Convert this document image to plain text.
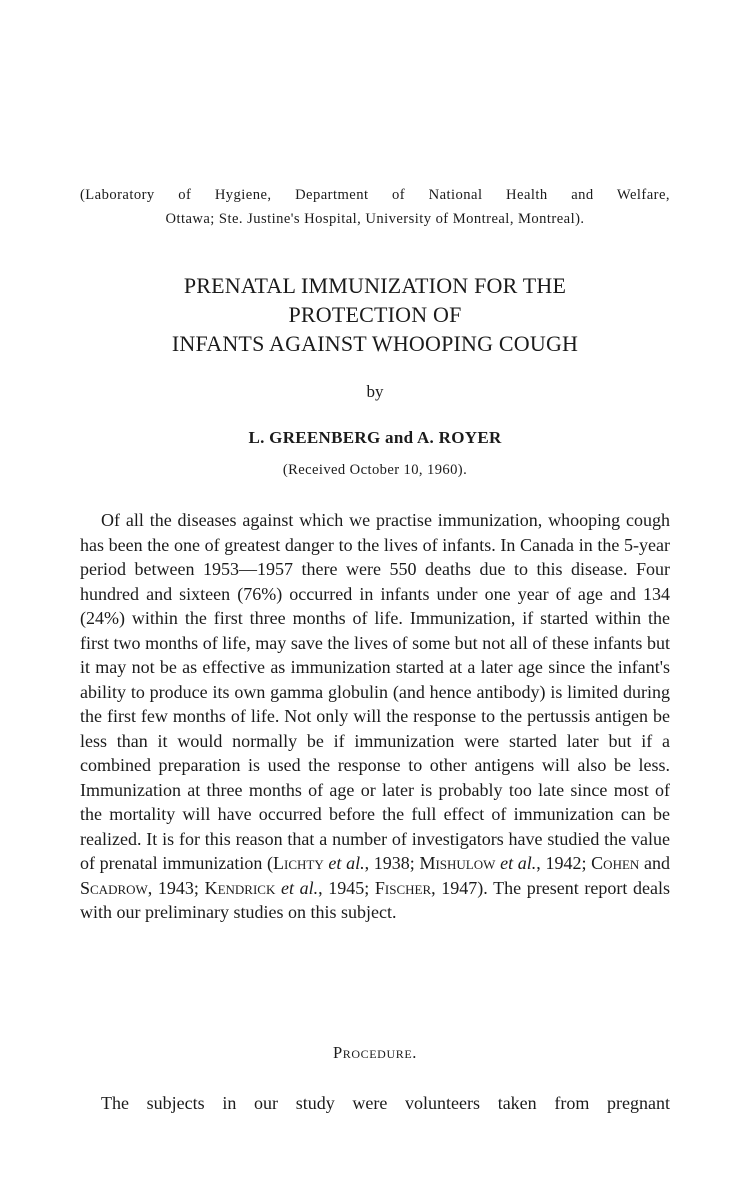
(Laboratory of Hygiene, Department of National Health and Welfare,
Ottawa; Ste. Justine's Hospital, University of Montreal, Montreal).
PRENATAL IMMUNIZATION FOR THE
PROTECTION OF
INFANTS AGAINST WHOOPING COUGH
by
L. GREENBERG and A. ROYER
(Received October 10, 1960).

Of all the diseases against which we practise immunization, whooping cough has been the one of greatest danger to the lives of infants. In Canada in the 5-year period between 1953—1957 there were 550 deaths due to this disease. Four hundred and sixteen (76%) occurred in infants under one year of age and 134 (24%) within the first three months of life. Immunization, if started within the first two months of life, may save the lives of some but not all of these infants but it may not be as effective as immunization started at a later age since the infant's ability to produce its own gamma globulin (and hence antibody) is limited during the first few months of life. Not only will the response to the pertussis antigen be less than it would normally be if immunization were started later but if a combined preparation is used the response to other antigens will also be less. Immunization at three months of age or later is probably too late since most of the mortality will have occurred before the full effect of immunization can be realized. It is for this reason that a number of investigators have studied the value of prenatal immunization (Lichty et al., 1938; Mishulow et al., 1942; Cohen and Scadrow, 1943; Kendrick et al., 1945; Fischer, 1947). The present report deals with our preliminary studies on this subject.

Procedure.

The subjects in our study were volunteers taken from pregnant
